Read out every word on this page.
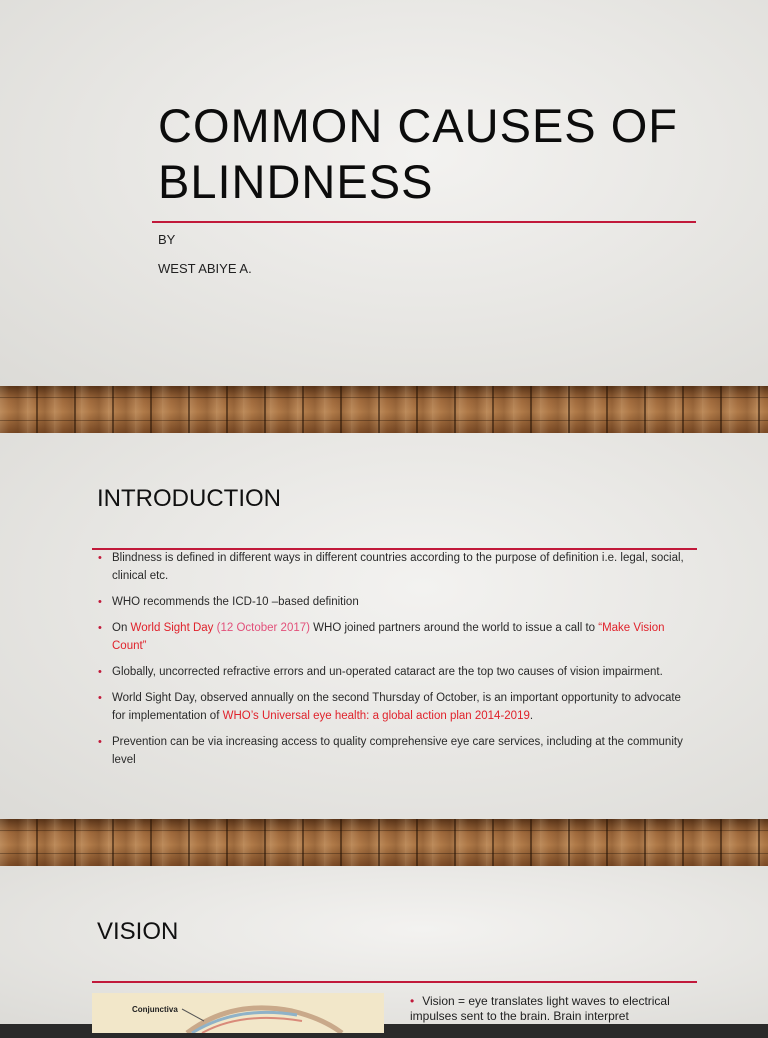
COMMON CAUSES OF
BLINDNESS
BY
WEST ABIYE A.
INTRODUCTION
• Blindness is defined in different ways in different countries according to the purpose of definition i.e. legal, social, clinical etc.
• WHO recommends the ICD-10 –based definition
• On World Sight Day (12 October 2017) WHO joined partners around the world to issue a call to “Make Vision Count”
• Globally, uncorrected refractive errors and un-operated cataract are the top two causes of vision impairment.
• World Sight Day, observed annually on the second Thursday of October, is an important opportunity to advocate for implementation of WHO’s Universal eye health: a global action plan 2014-2019.
• Prevention can be via increasing access to quality comprehensive eye care services, including at the community level
VISION
Conjunctiva
• Vision = eye translates light waves to electrical impulses sent to the brain. Brain interpret
